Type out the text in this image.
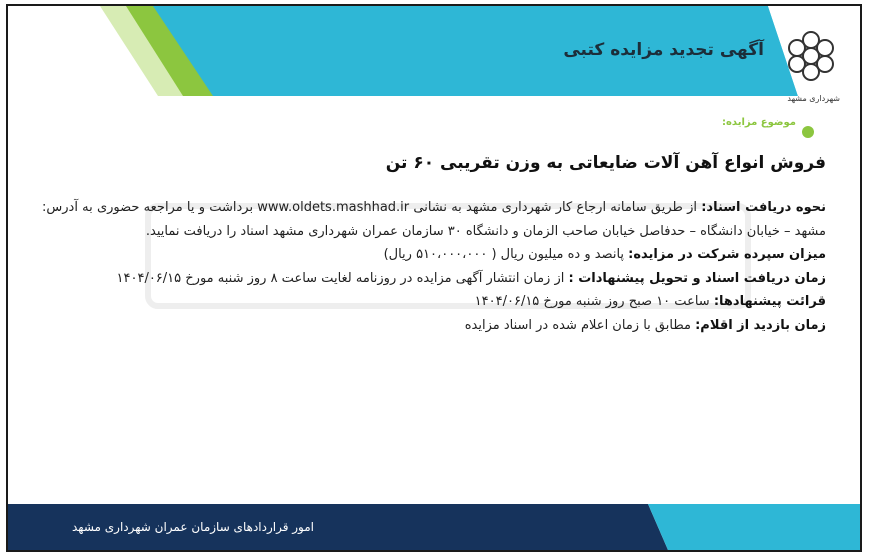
آگهی تجدید مزایده کتبی
شهرداری مشهد
موضوع مزایده:
فروش انواع آهن آلات ضایعاتی به وزن تقریبی ۶۰ تن

نحوه دریافت اسناد: از طریق سامانه ارجاع کار شهرداری مشهد به نشانی www.oldets.mashhad.ir برداشت و یا مراجعه حضوری به آدرس: مشهد – خیابان دانشگاه – حدفاصل خیابان صاحب الزمان و دانشگاه ۳۰ سازمان عمران شهرداری مشهد اسناد را دریافت نمایید.

میزان سپرده شرکت در مزایده: پانصد و ده میلیون ریال ( ۵۱۰،۰۰۰،۰۰۰ ریال)

زمان دریافت اسناد و تحویل پیشنهادات : از زمان انتشار آگهی مزایده در روزنامه لغایت ساعت ۸ روز شنبه مورخ ۱۴۰۴/۰۶/۱۵

قرائت پیشنهادها: ساعت ۱۰ صبح روز شنبه مورخ ۱۴۰۴/۰۶/۱۵

زمان بازدید از اقلام: مطابق با زمان اعلام شده در اسناد مزایده

امور قراردادهای سازمان عمران شهرداری مشهد
